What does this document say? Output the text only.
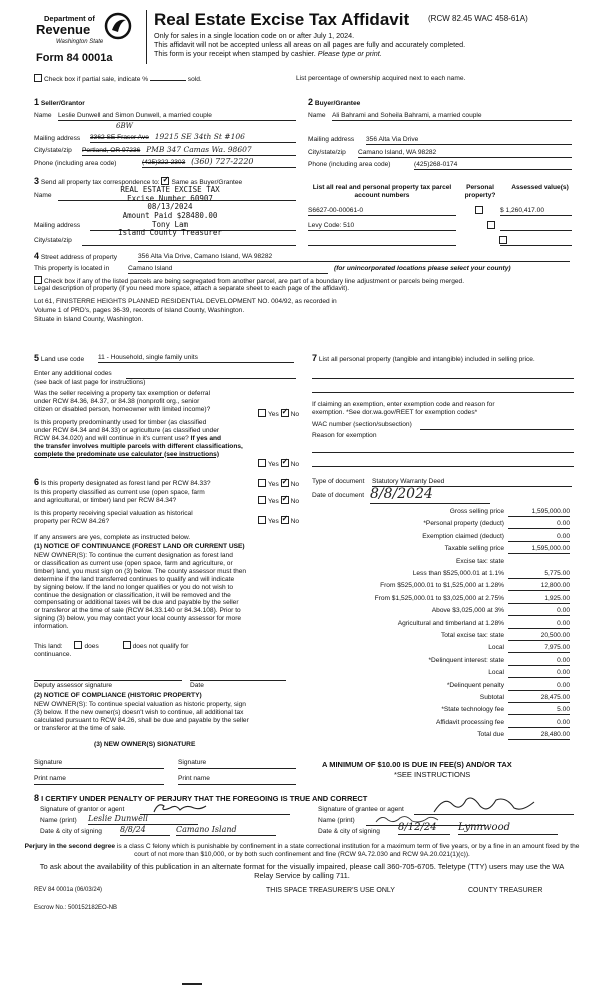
Department of
Revenue
Washington State
Form 84 0001a
Real Estate Excise Tax Affidavit (RCW 82.45 WAC 458-61A)
Only for sales in a single location code on or after July 1, 2024.
This affidavit will not be accepted unless all areas on all pages are fully and accurately completed.
This form is your receipt when stamped by cashier. Please type or print.
Check box if partial sale, indicate %	sold.	List percentage of ownership acquired next to each name.
1 Seller/Grantor
Name Leslie Dunwell and Simon Dunwell, a married couple
6BW
Mailing address 3362 SE Fraser Ave 19215 SE 34th St #106
City/state/zip Portland, OR 97236 PMB 347 Camas Wa. 98607
Phone (including area code)	(425)322-2303 (360) 727-2220
2 Buyer/Grantee
Name Ali Bahrami and Soheila Bahrami, a married couple
Mailing address 356 Alta Via Drive
City/state/zip Camano Island, WA 98282
Phone (including area code)	(425)268-0174
3 Send all property tax correspondence to: ✓ Same as Buyer/Grantee
Name
Mailing address
City/state/zip
REAL ESTATE EXCISE TAX
Excise Number 60907
08/13/2024
Amount Paid $28480.00
Tony Lam
Island County Treasurer
List all real and personal property tax parcel account numbers
Personal property?
Assessed value(s)
S6627-00-00061-0
	$ 1,260,417.00
Levy Code: 510

4 Street address of property	356 Alta Via Drive, Camano Island, WA 98282
This property is located in	Camano Island	(for unincorporated locations please select your county)
Check box if any of the listed parcels are being segregated from another parcel, are part of a boundary line adjustment or parcels being merged.
Legal description of property (if you need more space, attach a separate sheet to each page of the affidavit).
Lot 61, FINISTERRE HEIGHTS PLANNED RESIDENTIAL DEVELOPMENT NO. 004/92, as recorded in
Volume 1 of PRD's, pages 36-39, records of Island County, Washington.
Situate in Island County, Washington.
5 Land use code 11 - Household, single family units
Enter any additional codes
(see back of last page for instructions)
Was the seller receiving a property tax exemption or deferral
under RCW 84.36, 84.37, or 84.38 (nonprofit org., senior
citizen or disabled person, homeowner with limited income)?
Yes ✓ No
Is this property predominantly used for timber (as classified
under RCW 84.34 and 84.33) or agriculture (as classified under
RCW 84.34.020) and will continue in it's current use? If yes and
the transfer involves multiple parcels with different classifications,
complete the predominate use calculator (see instructions)
Yes ✓ No
7 List all personal property (tangible and intangible) included in selling price.
If claiming an exemption, enter exemption code and reason for
exemption. *See dor.wa.gov/REET for exemption codes*
WAC number (section/subsection)
Reason for exemption
Type of document Statutory Warranty Deed
Date of document 8/8/2024
6 Is this property designated as forest land per RCW 84.33?	Yes ✓ No
Is this property classified as current use (open space, farm
and agricultural, or timber) land per RCW 84.34?	Yes ✓ No
Is this property receiving special valuation as historical
property per RCW 84.26?	Yes ✓ No
If any answers are yes, complete as instructed below.
(1) NOTICE OF CONTINUANCE (FOREST LAND OR CURRENT USE)
NEW OWNER(S): To continue the current designation as forest land
or classification as current use (open space, farm and agriculture, or
timber) land, you must sign on (3) below. The county assessor must then
determine if the land transferred continues to qualify and will indicate
by signing below. If the land no longer qualifies or you do not wish to
continue the designation or classification, it will be removed and the
compensating or additional taxes will be due and payable by the seller
or transferor at the time of sale (RCW 84.33.140 or 84.34.108). Prior to
signing (3) below, you may contact your local county assessor for more
information.
This land:	does	does not qualify for
continuance.
Deputy assessor signature	Date
(2) NOTICE OF COMPLIANCE (HISTORIC PROPERTY)
NEW OWNER(S): To continue special valuation as historic property, sign
(3) below. If the new owner(s) doesn't wish to continue, all additional tax
calculated pursuant to RCW 84.26, shall be due and payable by the seller
or transferor at the time of sale.
(3) NEW OWNER(S) SIGNATURE
Signature	Signature
Print name	Print name
Gross selling price	1,595,000.00
*Personal property (deduct)	0.00
Exemption claimed (deduct)	0.00
Taxable selling price	1,595,000.00
Excise tax: state
Less than $525,000.01 at 1.1%	5,775.00
From $525,000.01 to $1,525,000 at 1.28%	12,800.00
From $1,525,000.01 to $3,025,000 at 2.75%	1,925.00
Above $3,025,000 at 3%	0.00
Agricultural and timberland at 1.28%	0.00
Total excise tax: state	20,500.00
Local	7,975.00
*Delinquent interest: state	0.00
Local	0.00
*Delinquent penalty	0.00
Subtotal	28,475.00
*State technology fee	5.00
Affidavit processing fee	0.00
Total due	28,480.00
A MINIMUM OF $10.00 IS DUE IN FEE(S) AND/OR TAX
*SEE INSTRUCTIONS
8 I CERTIFY UNDER PENALTY OF PERJURY THAT THE FOREGOING IS TRUE AND CORRECT
Signature of grantor or agent
Name (print) Leslie Dunwell
Date & city of signing 8/8/24	Camano Island
Signature of grantee or agent
Name (print)
Date & city of signing 8/12/24	Lynnwood
Perjury in the second degree is a class C felony which is punishable by confinement in a state correctional institution for a maximum term of five years, or by a fine in an amount fixed by the court of not more than $10,000, or by both such confinement and fine (RCW 9A.72.030 and RCW 9A.20.021(1)(c)).
To ask about the availability of this publication in an alternate format for the visually impaired, please call 360-705-6705. Teletype (TTY) users may use the WA Relay Service by calling 711.
REV 84 0001a (06/03/24)	THIS SPACE TREASURER'S USE ONLY	COUNTY TREASURER
Escrow No.: 500152182EO-NB
